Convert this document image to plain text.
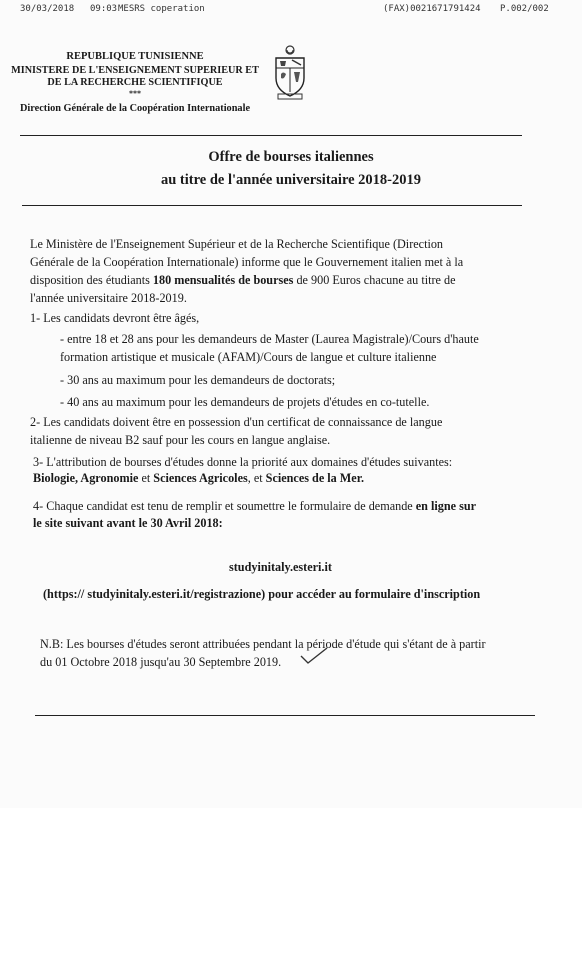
30/03/2018 09:03 MESRS coperation	(FAX)0021671791424 P.002/002
REPUBLIQUE TUNISIENNE
MINISTERE DE L'ENSEIGNEMENT SUPERIEUR ET
DE LA RECHERCHE SCIENTIFIQUE
***
Direction Générale de la Coopération Internationale
Offre de bourses italiennes
au titre de l'année universitaire 2018-2019
Le Ministère de l'Enseignement Supérieur et de la Recherche Scientifique (Direction
Générale de la Coopération Internationale) informe que le Gouvernement italien met à la
disposition des étudiants 180 mensualités de bourses de 900 Euros chacune au titre de
l'année universitaire 2018-2019.
1- Les candidats devront être âgés,
- entre 18 et 28 ans pour les demandeurs de Master (Laurea Magistrale)/Cours d'haute
formation artistique et musicale (AFAM)/Cours de langue et culture italienne
- 30 ans au maximum pour les demandeurs de doctorats;
- 40 ans au maximum pour les demandeurs de projets d'études en co-tutelle.
2- Les candidats doivent être en possession d'un certificat de connaissance de langue
italienne de niveau B2 sauf pour les cours en langue anglaise.
3- L'attribution de bourses d'études donne la priorité aux domaines d'études suivantes:
Biologie, Agronomie et Sciences Agricoles, et Sciences de la Mer.
4- Chaque candidat est tenu de remplir et soumettre le formulaire de demande en ligne sur
le site suivant avant le 30 Avril 2018:
studyinitaly.esteri.it
(https:// studyinitaly.esteri.it/registrazione) pour accéder au formulaire d'inscription
N.B: Les bourses d'études seront attribuées pendant la période d'étude qui s'étant de à partir
du 01 Octobre 2018 jusqu'au 30 Septembre 2019.
